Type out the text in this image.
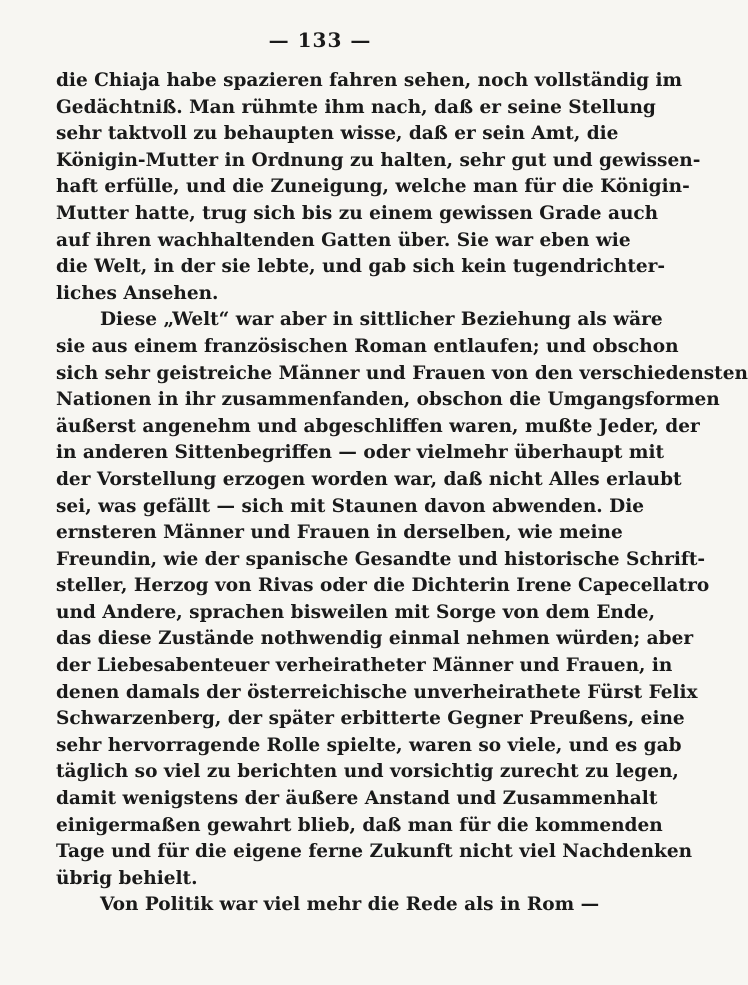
— 133 —
die Chiaja habe spazieren fahren sehen, noch vollständig im
Gedächtniß. Man rühmte ihm nach, daß er seine Stellung
sehr taktvoll zu behaupten wisse, daß er sein Amt, die
Königin-Mutter in Ordnung zu halten, sehr gut und gewissen-
haft erfülle, und die Zuneigung, welche man für die Königin-
Mutter hatte, trug sich bis zu einem gewissen Grade auch
auf ihren wachhaltenden Gatten über. Sie war eben wie
die Welt, in der sie lebte, und gab sich kein tugendrichter-
liches Ansehen.
Diese „Welt“ war aber in sittlicher Beziehung als wäre
sie aus einem französischen Roman entlaufen; und obschon
sich sehr geistreiche Männer und Frauen von den verschiedensten
Nationen in ihr zusammenfanden, obschon die Umgangsformen
äußerst angenehm und abgeschliffen waren, mußte Jeder, der
in anderen Sittenbegriffen — oder vielmehr überhaupt mit
der Vorstellung erzogen worden war, daß nicht Alles erlaubt
sei, was gefällt — sich mit Staunen davon abwenden. Die
ernsteren Männer und Frauen in derselben, wie meine
Freundin, wie der spanische Gesandte und historische Schrift-
steller, Herzog von Rivas oder die Dichterin Irene Capecellatro
und Andere, sprachen bisweilen mit Sorge von dem Ende,
das diese Zustände nothwendig einmal nehmen würden; aber
der Liebesabenteuer verheiratheter Männer und Frauen, in
denen damals der österreichische unverheirathete Fürst Felix
Schwarzenberg, der später erbitterte Gegner Preußens, eine
sehr hervorragende Rolle spielte, waren so viele, und es gab
täglich so viel zu berichten und vorsichtig zurecht zu legen,
damit wenigstens der äußere Anstand und Zusammenhalt
einigermaßen gewahrt blieb, daß man für die kommenden
Tage und für die eigene ferne Zukunft nicht viel Nachdenken
übrig behielt.
Von Politik war viel mehr die Rede als in Rom —
